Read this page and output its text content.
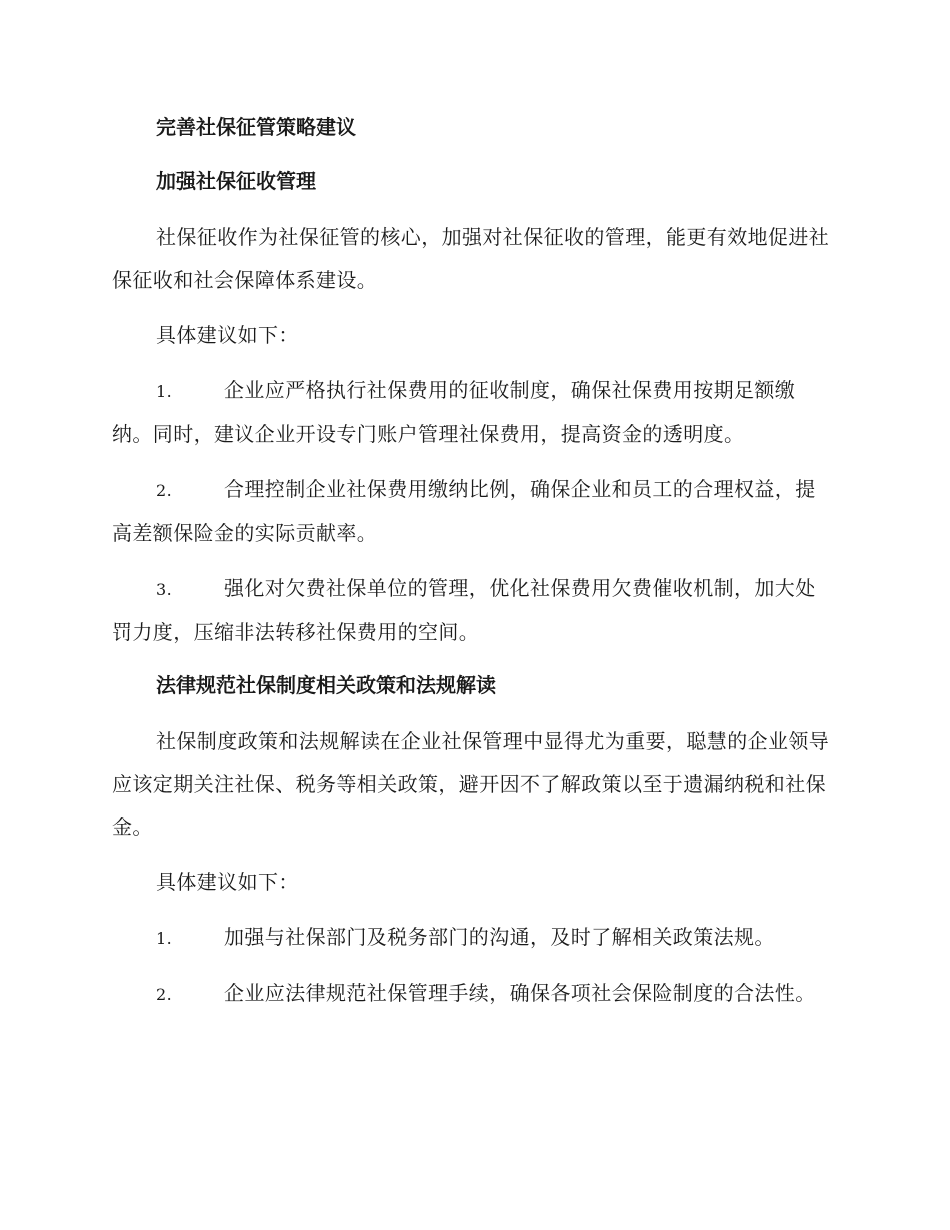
完善社保征管策略建议
加强社保征收管理
社保征收作为社保征管的核心，加强对社保征收的管理，能更有效地促进社保征收和社会保障体系建设。
具体建议如下：
1.	企业应严格执行社保费用的征收制度，确保社保费用按期足额缴纳。同时，建议企业开设专门账户管理社保费用，提高资金的透明度。
2.	合理控制企业社保费用缴纳比例，确保企业和员工的合理权益，提高差额保险金的实际贡献率。
3.	强化对欠费社保单位的管理，优化社保费用欠费催收机制，加大处罚力度，压缩非法转移社保费用的空间。
法律规范社保制度相关政策和法规解读
社保制度政策和法规解读在企业社保管理中显得尤为重要，聪慧的企业领导应该定期关注社保、税务等相关政策，避开因不了解政策以至于遗漏纳税和社保金。
具体建议如下：
1.	加强与社保部门及税务部门的沟通，及时了解相关政策法规。
2.	企业应法律规范社保管理手续，确保各项社会保险制度的合法性。
